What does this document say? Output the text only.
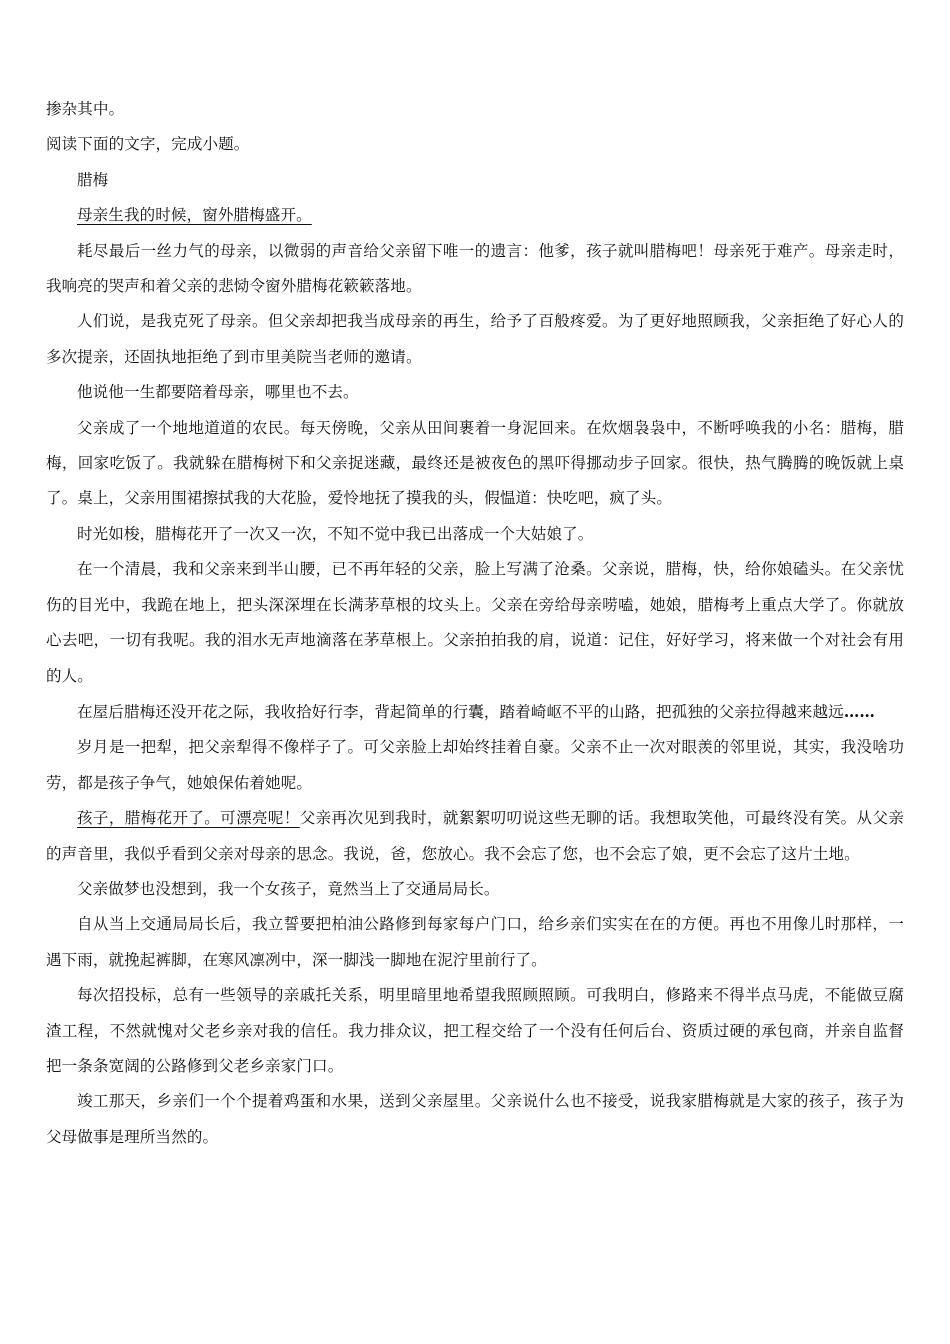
掺杂其中。

阅读下面的文字，完成小题。

腊梅

母亲生我的时候，窗外腊梅盛开。

耗尽最后一丝力气的母亲，以微弱的声音给父亲留下唯一的遗言：他爹，孩子就叫腊梅吧！母亲死于难产。母亲走时，我响亮的哭声和着父亲的悲恸令窗外腊梅花簌簌落地。

人们说，是我克死了母亲。但父亲却把我当成母亲的再生，给予了百般疼爱。为了更好地照顾我，父亲拒绝了好心人的多次提亲，还固执地拒绝了到市里美院当老师的邀请。

他说他一生都要陪着母亲，哪里也不去。

父亲成了一个地地道道的农民。每天傍晚，父亲从田间裹着一身泥回来。在炊烟袅袅中，不断呼唤我的小名：腊梅，腊梅，回家吃饭了。我就躲在腊梅树下和父亲捉迷藏，最终还是被夜色的黑吓得挪动步子回家。很快，热气腾腾的晚饭就上桌了。桌上，父亲用围裙擦拭我的大花脸，爱怜地抚了摸我的头，假愠道：快吃吧，疯了头。

时光如梭，腊梅花开了一次又一次，不知不觉中我已出落成一个大姑娘了。

在一个清晨，我和父亲来到半山腰，已不再年轻的父亲，脸上写满了沧桑。父亲说，腊梅，快，给你娘磕头。在父亲忧伤的目光中，我跪在地上，把头深深埋在长满茅草根的坟头上。父亲在旁给母亲唠嗑，她娘，腊梅考上重点大学了。你就放心去吧，一切有我呢。我的泪水无声地滴落在茅草根上。父亲拍拍我的肩，说道：记住，好好学习，将来做一个对社会有用的人。

在屋后腊梅还没开花之际，我收拾好行李，背起简单的行囊，踏着崎岖不平的山路，把孤独的父亲拉得越来越远……

岁月是一把犁，把父亲犁得不像样子了。可父亲脸上却始终挂着自豪。父亲不止一次对眼羡的邻里说，其实，我没啥功劳，都是孩子争气，她娘保佑着她呢。

孩子，腊梅花开了。可漂亮呢！父亲再次见到我时，就絮絮叨叨说这些无聊的话。我想取笑他，可最终没有笑。从父亲的声音里，我似乎看到父亲对母亲的思念。我说，爸，您放心。我不会忘了您，也不会忘了娘，更不会忘了这片土地。

父亲做梦也没想到，我一个女孩子，竟然当上了交通局局长。

自从当上交通局局长后，我立誓要把柏油公路修到每家每户门口，给乡亲们实实在在的方便。再也不用像儿时那样，一遇下雨，就挽起裤脚，在寒风凛冽中，深一脚浅一脚地在泥泞里前行了。

每次招投标，总有一些领导的亲戚托关系，明里暗里地希望我照顾照顾。可我明白，修路来不得半点马虎，不能做豆腐渣工程，不然就愧对父老乡亲对我的信任。我力排众议，把工程交给了一个没有任何后台、资质过硬的承包商，并亲自监督把一条条宽阔的公路修到父老乡亲家门口。

竣工那天，乡亲们一个个提着鸡蛋和水果，送到父亲屋里。父亲说什么也不接受，说我家腊梅就是大家的孩子，孩子为父母做事是理所当然的。
